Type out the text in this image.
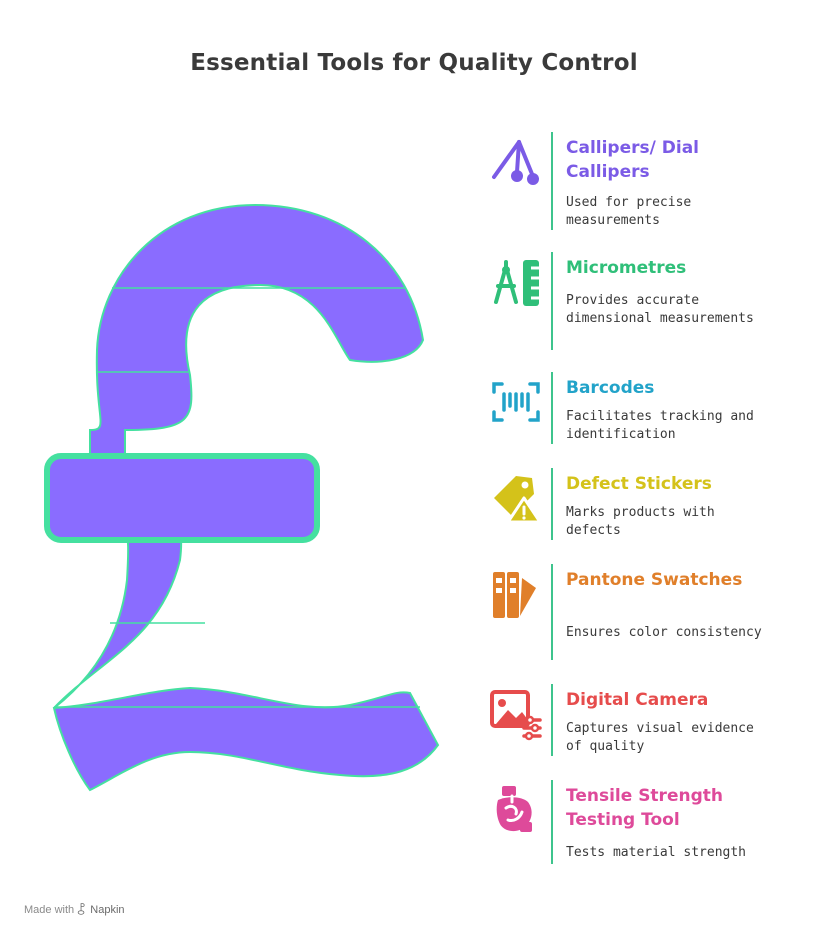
Essential Tools for Quality Control
Callipers/ Dial Callipers
Used for precise measurements
Micrometres
Provides accurate dimensional measurements
Barcodes
Facilitates tracking and identification
Defect Stickers
Marks products with defects
Pantone Swatches
Ensures color consistency
Digital Camera
Captures visual evidence of quality
Tensile Strength Testing Tool
Tests material strength
Made with ⯛ Napkin
